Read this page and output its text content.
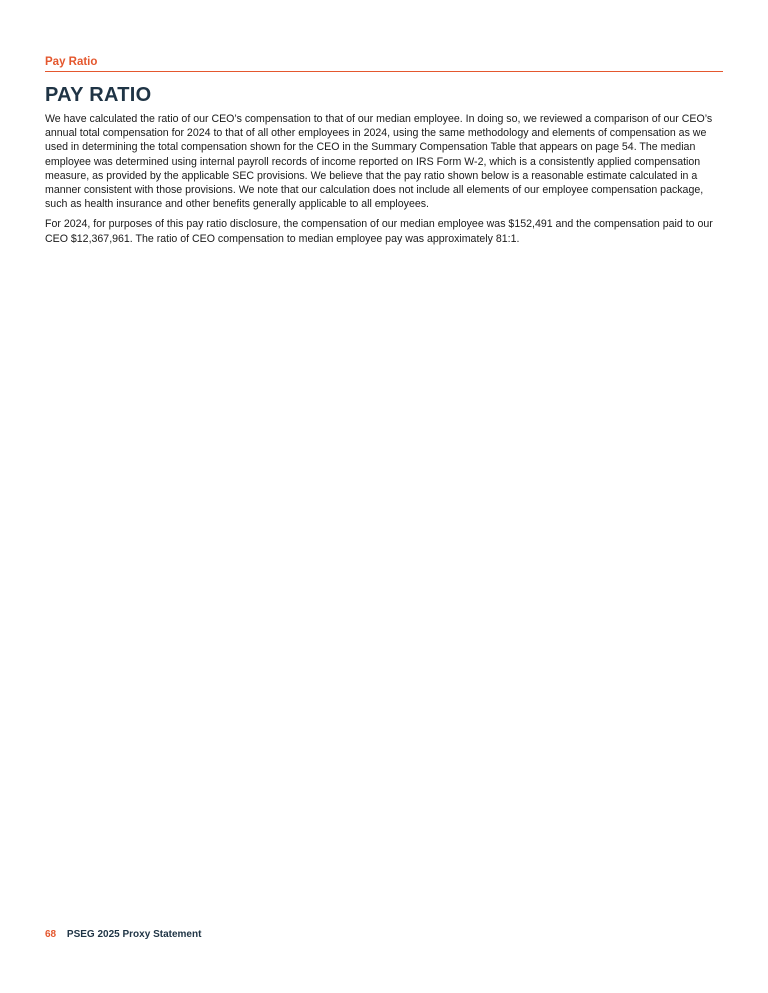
Pay Ratio
PAY RATIO

We have calculated the ratio of our CEO’s compensation to that of our median employee. In doing so, we reviewed a comparison of our CEO’s annual total compensation for 2024 to that of all other employees in 2024, using the same methodology and elements of compensation as we used in determining the total compensation shown for the CEO in the Summary Compensation Table that appears on page 54. The median employee was determined using internal payroll records of income reported on IRS Form W-2, which is a consistently applied compensation measure, as provided by the applicable SEC provisions. We believe that the pay ratio shown below is a reasonable estimate calculated in a manner consistent with those provisions. We note that our calculation does not include all elements of our employee compensation package, such as health insurance and other benefits generally applicable to all employees.

For 2024, for purposes of this pay ratio disclosure, the compensation of our median employee was $152,491 and the compensation paid to our CEO $12,367,961. The ratio of CEO compensation to median employee pay was approximately 81:1.

68 PSEG 2025 Proxy Statement
